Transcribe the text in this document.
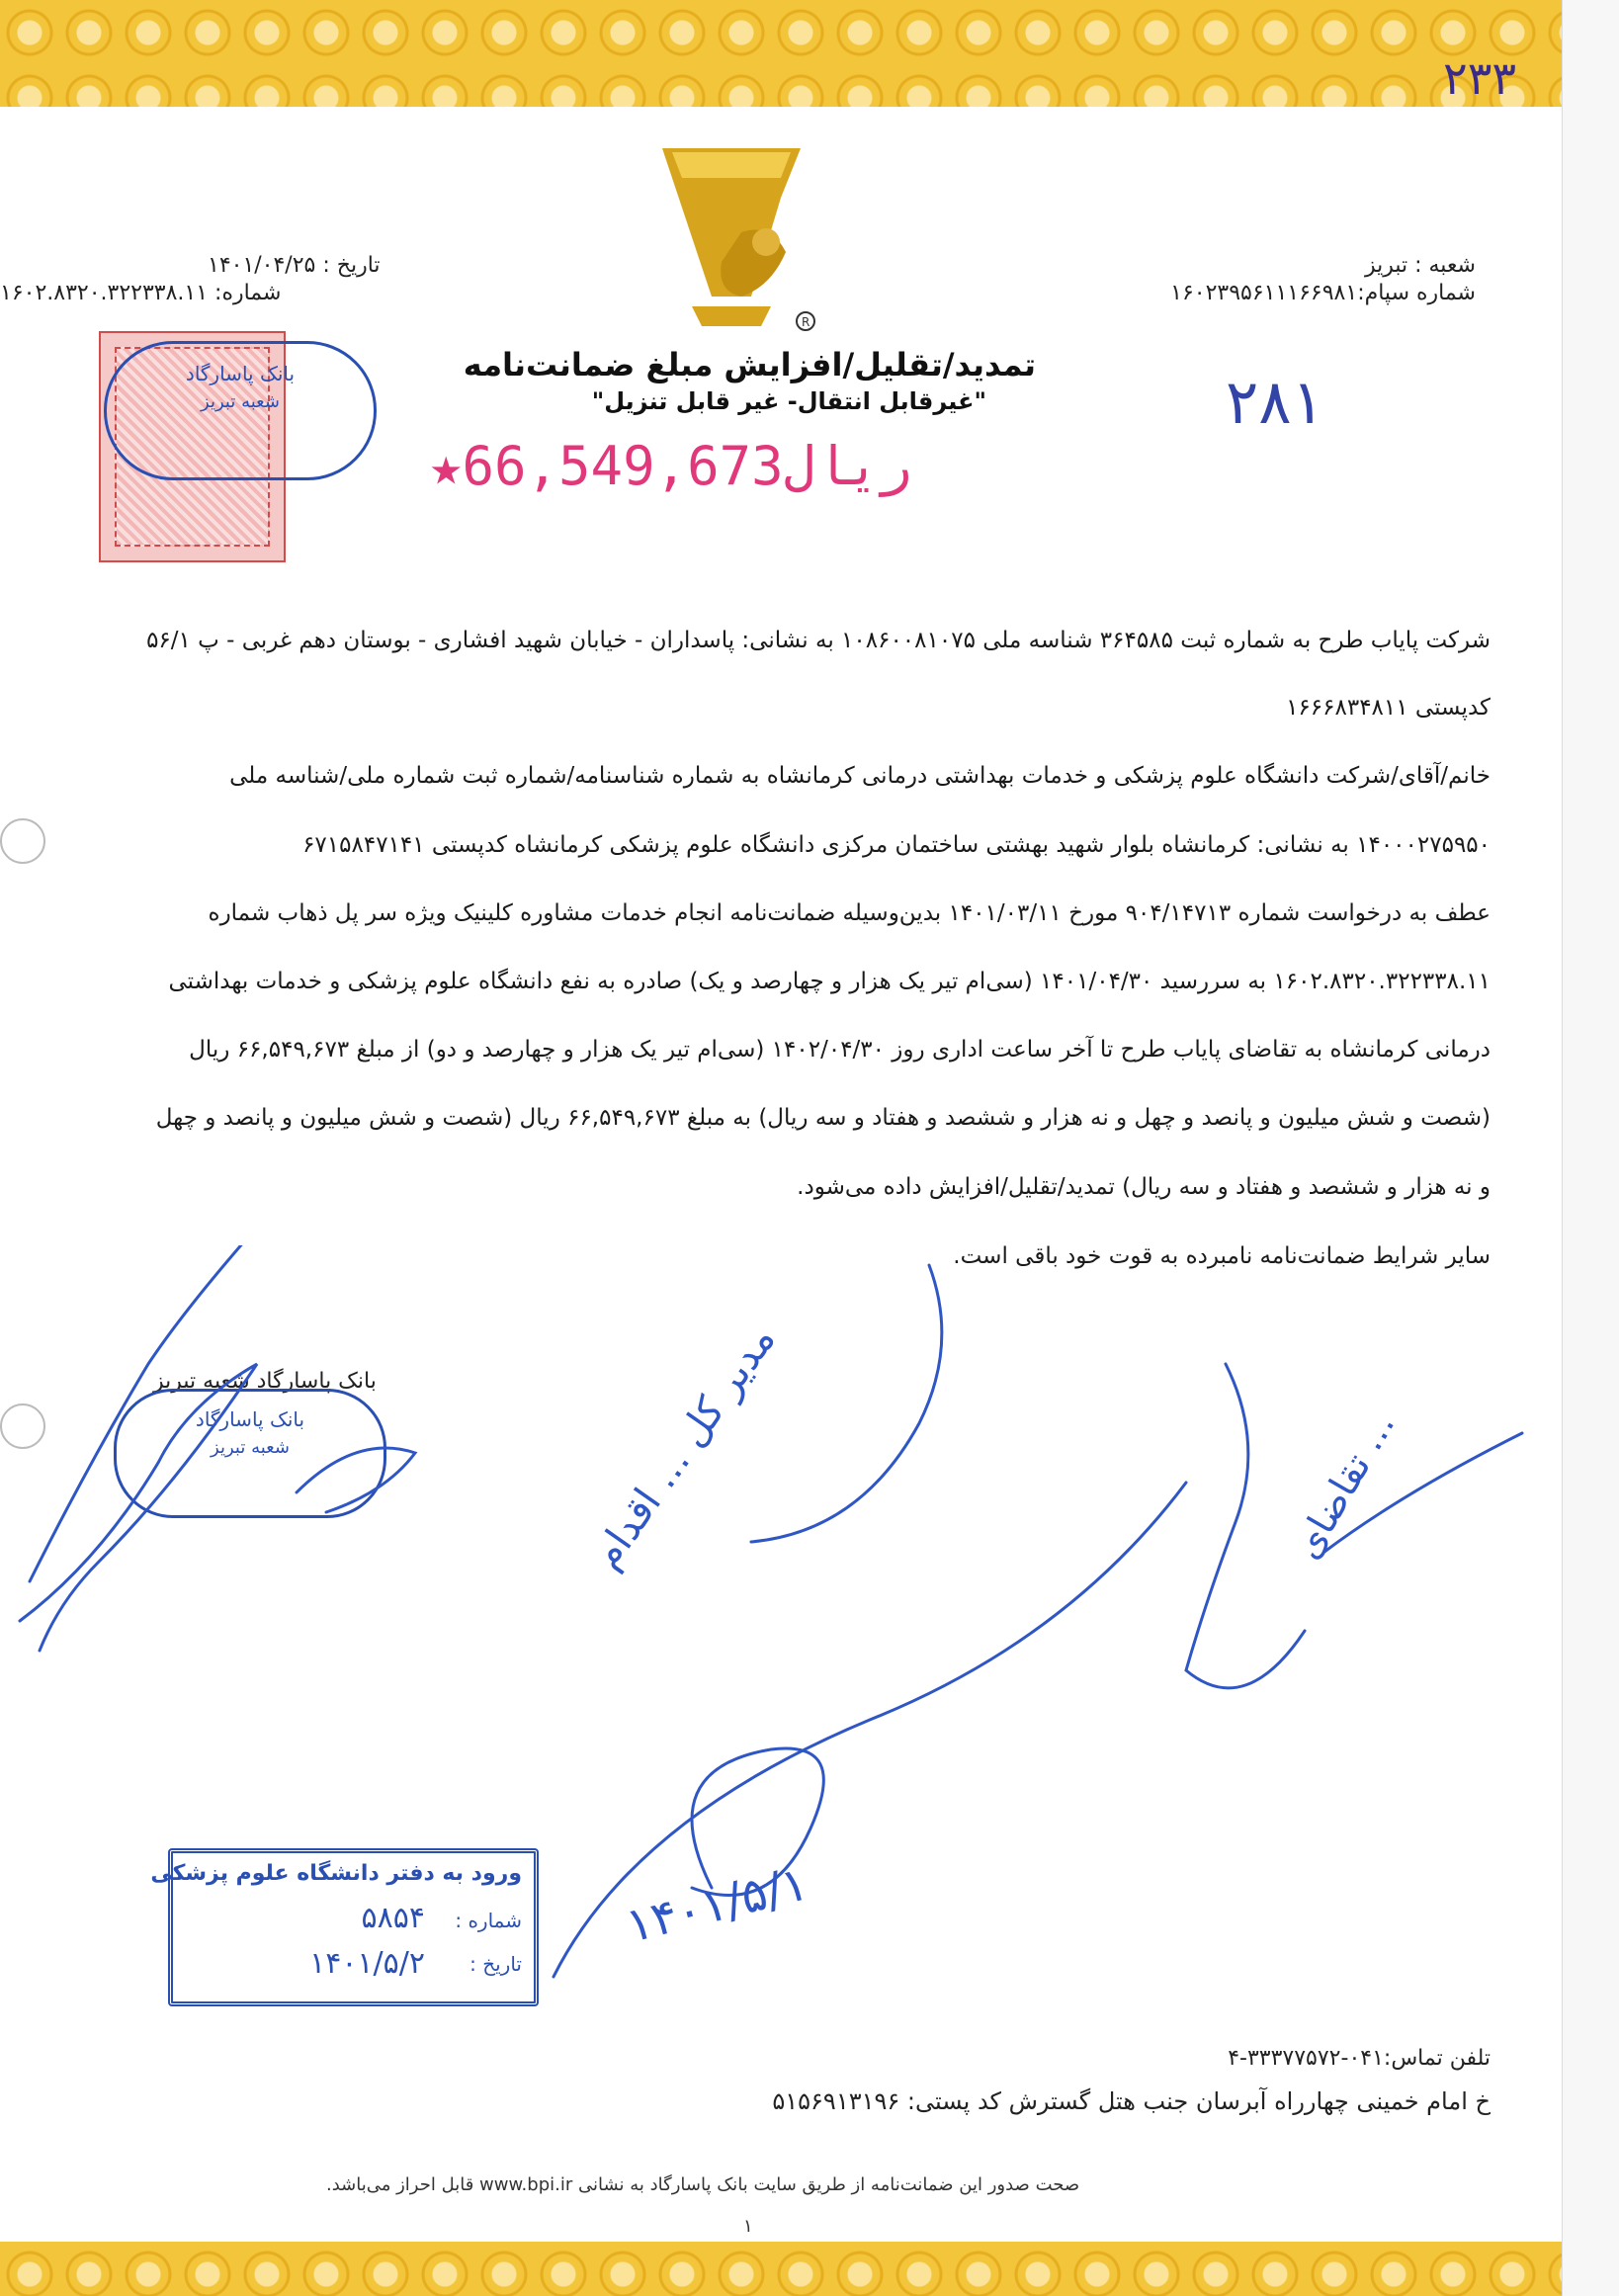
۲۳۳
R
شعبه : تبریز
شماره سپام:۱۶۰۲۳۹۵۶۱۱۱۶۶۹۸۱
تاریخ : ۱۴۰۱/۰۴/۲۵
شماره: ۱۶۰۲.۸۳۲۰.۳۲۲۳۳۸.۱۱
تمدید/تقلیل/افزایش مبلغ ضمانت‌نامه
"غیرقابل انتقال- غیر قابل تنزیل"
ریال66,549,673★
۲۸۱
بانک پاسارگاد
شعبه تبریز
شرکت پایاب طرح به شماره ثبت ۳۶۴۵۸۵ شناسه ملی ۱۰۸۶۰۰۸۱۰۷۵ به نشانی: پاسداران - خیابان شهید افشاری - بوستان دهم غربی - پ ۵۶/۱
کدپستی ۱۶۶۶۸۳۴۸۱۱
خانم/آقای/شرکت دانشگاه علوم پزشکی و خدمات بهداشتی درمانی کرمانشاه به شماره شناسنامه/شماره ثبت شماره ملی/شناسه ملی
۱۴۰۰۰۲۷۵۹۵۰ به نشانی: کرمانشاه بلوار شهید بهشتی ساختمان مرکزی دانشگاه علوم پزشکی کرمانشاه کدپستی ۶۷۱۵۸۴۷۱۴۱
عطف به درخواست شماره ۹۰۴/۱۴۷۱۳ مورخ ۱۴۰۱/۰۳/۱۱ بدین‌وسیله ضمانت‌نامه انجام خدمات مشاوره کلینیک ویژه سر پل ذهاب شماره
۱۶۰۲.۸۳۲۰.۳۲۲۳۳۸.۱۱ به سررسید ۱۴۰۱/۰۴/۳۰ (سی‌ام تیر یک هزار و چهارصد و یک) صادره به نفع دانشگاه علوم پزشکی و خدمات بهداشتی
درمانی کرمانشاه به تقاضای پایاب طرح تا آخر ساعت اداری روز ۱۴۰۲/۰۴/۳۰ (سی‌ام تیر یک هزار و چهارصد و دو) از مبلغ ۶۶,۵۴۹,۶۷۳ ریال
(شصت و شش میلیون و پانصد و چهل و نه هزار و ششصد و هفتاد و سه ریال) به مبلغ ۶۶,۵۴۹,۶۷۳ ریال (شصت و شش میلیون و پانصد و چهل
و نه هزار و ششصد و هفتاد و سه ریال) تمدید/تقلیل/افزایش داده می‌شود.
سایر شرایط ضمانت‌نامه نامبرده به قوت خود باقی است.
بانک پاسارگاد شعبه تبریز
بانک پاسارگاد
شعبه تبریز
۱۴۰۱/۵/۱
مدیر کل ... اقدام	تقاضای ...
ورود به دفتر دانشگاه علوم پزشکی
شماره :
۵۸۵۴
تاریخ :
۱۴۰۱/۵/۲
تلفن تماس:۰۴۱-۳۳۳۷۷۵۷۲-۴
خ امام خمینی چهارراه آبرسان جنب هتل گسترش کد پستی: ۵۱۵۶۹۱۳۱۹۶
صحت صدور این ضمانت‌نامه از طریق سایت بانک پاسارگاد به نشانی www.bpi.ir قابل احراز می‌باشد.
۱
